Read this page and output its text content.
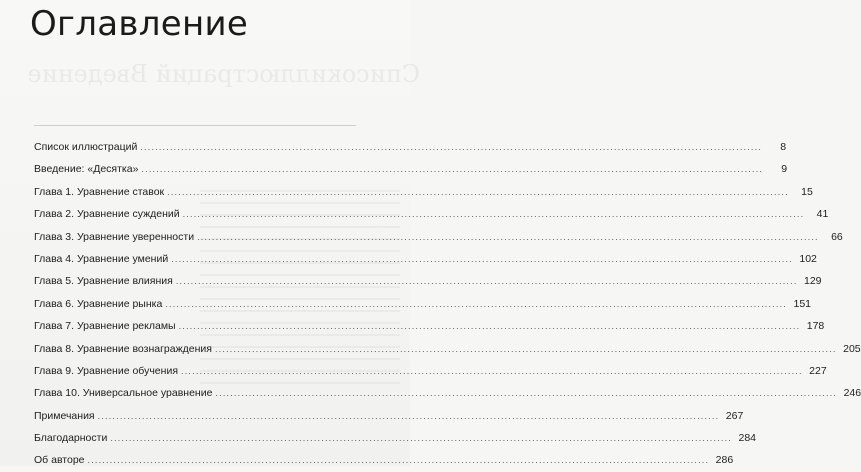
Списокиллюстраций Введение
Оглавление
Список иллюстраций .....	8
Введение: «Десятка» .....	9
Глава 1. Уравнение ставок .....	15
Глава 2. Уравнение суждений .....	41
Глава 3. Уравнение уверенности .....	66
Глава 4. Уравнение умений .....	102
Глава 5. Уравнение влияния .....	129
Глава 6. Уравнение рынка .....	151
Глава 7. Уравнение рекламы .....	178
Глава 8. Уравнение вознаграждения .....	205
Глава 9. Уравнение обучения .....	227
Глава 10. Универсальное уравнение .....	246
Примечания .....	267
Благодарности .....	284
Об авторе .....	286
